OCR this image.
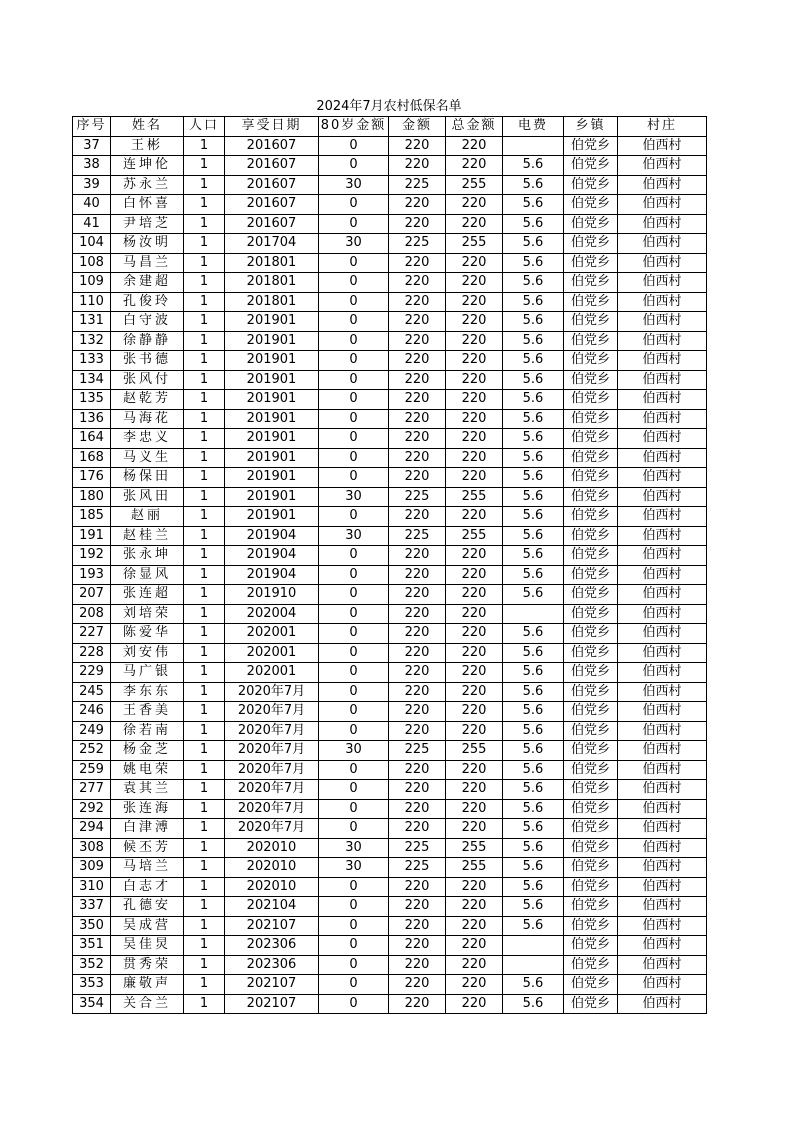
2024年7月农村低保名单
序号	姓名	人口	享受日期	80岁金额	金额	总金额	电费	乡镇	村庄
37	王彬	1	201607	0	220	220		伯党乡	伯西村
38	连坤伦	1	201607	0	220	220	5.6	伯党乡	伯西村
39	苏永兰	1	201607	30	225	255	5.6	伯党乡	伯西村
40	白怀喜	1	201607	0	220	220	5.6	伯党乡	伯西村
41	尹培芝	1	201607	0	220	220	5.6	伯党乡	伯西村
104	杨汝明	1	201704	30	225	255	5.6	伯党乡	伯西村
108	马昌兰	1	201801	0	220	220	5.6	伯党乡	伯西村
109	余建超	1	201801	0	220	220	5.6	伯党乡	伯西村
110	孔俊玲	1	201801	0	220	220	5.6	伯党乡	伯西村
131	白守波	1	201901	0	220	220	5.6	伯党乡	伯西村
132	徐静静	1	201901	0	220	220	5.6	伯党乡	伯西村
133	张书德	1	201901	0	220	220	5.6	伯党乡	伯西村
134	张风付	1	201901	0	220	220	5.6	伯党乡	伯西村
135	赵乾芳	1	201901	0	220	220	5.6	伯党乡	伯西村
136	马海花	1	201901	0	220	220	5.6	伯党乡	伯西村
164	李忠义	1	201901	0	220	220	5.6	伯党乡	伯西村
168	马义生	1	201901	0	220	220	5.6	伯党乡	伯西村
176	杨保田	1	201901	0	220	220	5.6	伯党乡	伯西村
180	张风田	1	201901	30	225	255	5.6	伯党乡	伯西村
185	赵丽	1	201901	0	220	220	5.6	伯党乡	伯西村
191	赵桂兰	1	201904	30	225	255	5.6	伯党乡	伯西村
192	张永坤	1	201904	0	220	220	5.6	伯党乡	伯西村
193	徐显风	1	201904	0	220	220	5.6	伯党乡	伯西村
207	张连超	1	201910	0	220	220	5.6	伯党乡	伯西村
208	刘培荣	1	202004	0	220	220		伯党乡	伯西村
227	陈爱华	1	202001	0	220	220	5.6	伯党乡	伯西村
228	刘安伟	1	202001	0	220	220	5.6	伯党乡	伯西村
229	马广银	1	202001	0	220	220	5.6	伯党乡	伯西村
245	李东东	1	2020年7月	0	220	220	5.6	伯党乡	伯西村
246	王香美	1	2020年7月	0	220	220	5.6	伯党乡	伯西村
249	徐若南	1	2020年7月	0	220	220	5.6	伯党乡	伯西村
252	杨金芝	1	2020年7月	30	225	255	5.6	伯党乡	伯西村
259	姚电荣	1	2020年7月	0	220	220	5.6	伯党乡	伯西村
277	袁其兰	1	2020年7月	0	220	220	5.6	伯党乡	伯西村
292	张连海	1	2020年7月	0	220	220	5.6	伯党乡	伯西村
294	白津溥	1	2020年7月	0	220	220	5.6	伯党乡	伯西村
308	候丕芳	1	202010	30	225	255	5.6	伯党乡	伯西村
309	马培兰	1	202010	30	225	255	5.6	伯党乡	伯西村
310	白志才	1	202010	0	220	220	5.6	伯党乡	伯西村
337	孔德安	1	202104	0	220	220	5.6	伯党乡	伯西村
350	吴成营	1	202107	0	220	220	5.6	伯党乡	伯西村
351	吴佳炅	1	202306	0	220	220		伯党乡	伯西村
352	贯秀荣	1	202306	0	220	220		伯党乡	伯西村
353	廉敬声	1	202107	0	220	220	5.6	伯党乡	伯西村
354	关合兰	1	202107	0	220	220	5.6	伯党乡	伯西村
